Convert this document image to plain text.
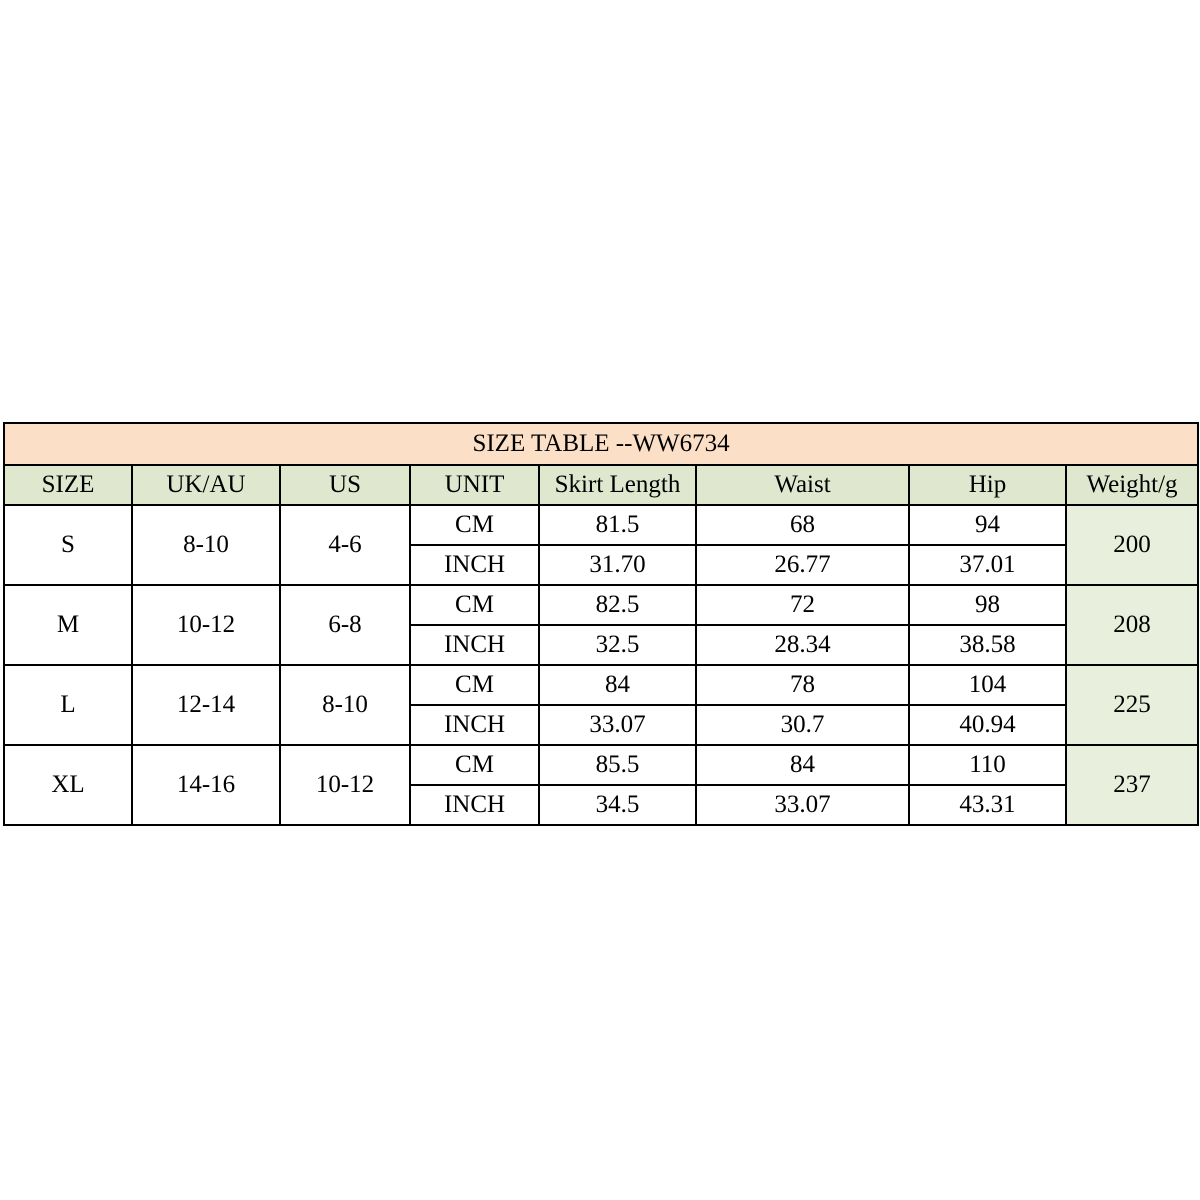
SIZE TABLE --WW6734							
SIZE	UK/AU	US	UNIT	Skirt Length	Waist	Hip	Weight/g
S	8-10	4-6	CM	81.5	68	94	200
			INCH	31.70	26.77	37.01	
M	10-12	6-8	CM	82.5	72	98	208
			INCH	32.5	28.34	38.58	
L	12-14	8-10	CM	84	78	104	225
			INCH	33.07	30.7	40.94	
XL	14-16	10-12	CM	85.5	84	110	237
			INCH	34.5	33.07	43.31	
